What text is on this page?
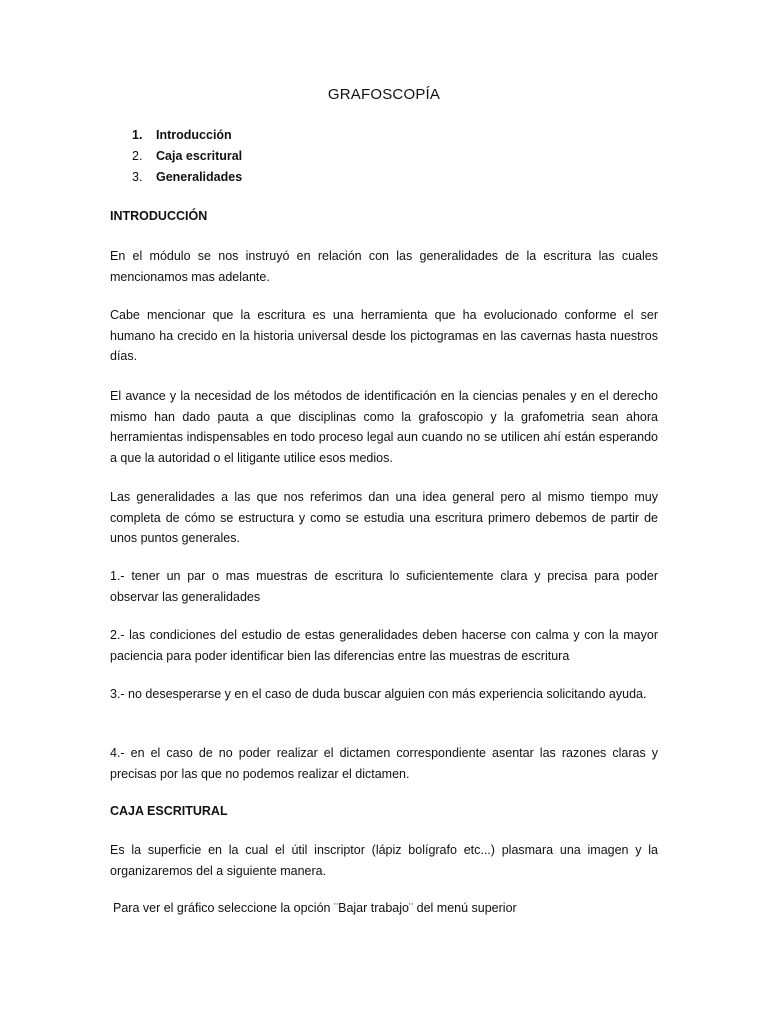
GRAFOSCOPÍA
1.	Introducción
2.	Caja escritural
3.	Generalidades
INTRODUCCIÓN

En el módulo se nos instruyó en relación con las generalidades de la escritura las cuales mencionamos mas adelante.

Cabe mencionar que la escritura es una herramienta que ha evolucionado conforme el ser humano ha crecido en la historia universal desde los pictogramas en las cavernas hasta nuestros días.

El avance y la necesidad de los métodos de identificación en la ciencias penales y en el derecho mismo han dado pauta a que disciplinas como la grafoscopio y la grafometria sean ahora herramientas indispensables en todo proceso legal aun cuando no se utilicen ahí están esperando a que la autoridad o el litigante utilice esos medios.

Las generalidades a las que nos referimos dan una idea general pero al mismo tiempo muy completa de cómo se estructura y como se estudia una escritura primero debemos de partir de unos puntos generales.

1.- tener un par o mas muestras de escritura lo suficientemente clara y precisa para poder observar las generalidades

2.- las condiciones del estudio de estas generalidades deben hacerse con calma y con la mayor paciencia para poder identificar bien las diferencias entre las muestras de escritura

3.- no desesperarse y en el caso de duda buscar alguien con más experiencia solicitando ayuda.

4.- en el caso de no poder realizar el dictamen correspondiente asentar las razones claras y precisas por las que no podemos realizar el dictamen.

CAJA ESCRITURAL

Es la superficie en la cual el útil inscriptor (lápiz bolígrafo etc...) plasmara una imagen y la organizaremos del a siguiente manera.

Para ver el gráfico seleccione la opción ¨Bajar trabajo¨ del menú superior
